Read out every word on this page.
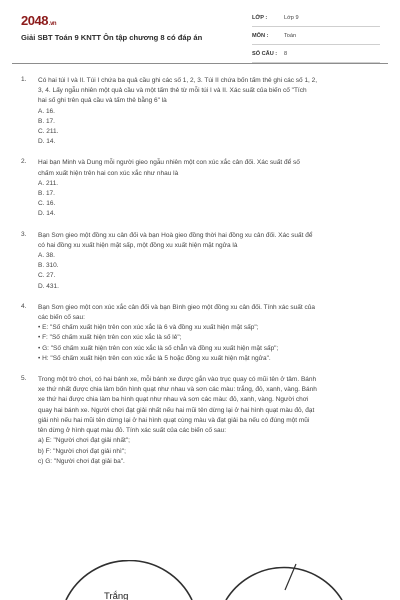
2048.vn
Giải SBT Toán 9 KNTT Ôn tập chương 8 có đáp án
LỚP :	Lớp 9
MÔN :	Toán
SỐ CÂU : 8
1. Có hai túi I và II. Túi I chứa ba quả cầu ghi các số 1, 2, 3. Túi II chứa bốn tấm thẻ ghi các số 1, 2,
3, 4. Lấy ngẫu nhiên một quả cầu và một tấm thẻ từ mỗi túi I và II. Xác suất của biến cố "Tích
hai số ghi trên quả cầu và tấm thẻ bằng 6" là
A. 16.
B. 17.
C. 211.
D. 14.
2. Hai bạn Minh và Dung mỗi người gieo ngẫu nhiên một con xúc xắc cân đối. Xác suất để số
chấm xuất hiện trên hai con xúc xắc như nhau là
A. 211.
B. 17.
C. 16.
D. 14.
3. Bạn Sơn gieo một đồng xu cân đối và bạn Hoà gieo đồng thời hai đồng xu cân đối. Xác suất để
có hai đồng xu xuất hiện mặt sấp, một đồng xu xuất hiện mặt ngửa là
A. 38.
B. 310.
C. 27.
D. 431.
4. Bạn Sơn gieo một con xúc xắc cân đối và bạn Bình gieo một đồng xu cân đối. Tính xác suất của
các biến cố sau:
• E: "Số chấm xuất hiện trên con xúc xắc là 6 và đồng xu xuất hiện mặt sấp";
• F: "Số chấm xuất hiện trên con xúc xắc là số lẻ";
• G: "Số chấm xuất hiện trên con xúc xắc là số chẵn và đồng xu xuất hiện mặt sấp";
• H: "Số chấm xuất hiện trên con xúc xắc là 5 hoặc đồng xu xuất hiện mặt ngửa".
5. Trong một trò chơi, có hai bánh xe, mỗi bánh xe được gắn vào trục quay có mũi tên ở tâm. Bánh
xe thứ nhất được chia làm bốn hình quạt như nhau và sơn các màu: trắng, đỏ, xanh, vàng. Bánh
xe thứ hai được chia làm ba hình quạt như nhau và sơn các màu: đỏ, xanh, vàng. Người chơi
quay hai bánh xe. Người chơi đạt giải nhất nếu hai mũi tên dừng lại ở hai hình quạt màu đỏ, đạt
giải nhì nếu hai mũi tên dừng lại ở hai hình quạt cùng màu và đạt giải ba nếu có đúng một mũi
tên dừng ở hình quạt màu đỏ. Tính xác suất của các biến cố sau:
a) E: "Người chơi đạt giải nhất";
b) F: "Người chơi đạt giải nhì";
c) G: "Người chơi đạt giải ba".
Trắng
